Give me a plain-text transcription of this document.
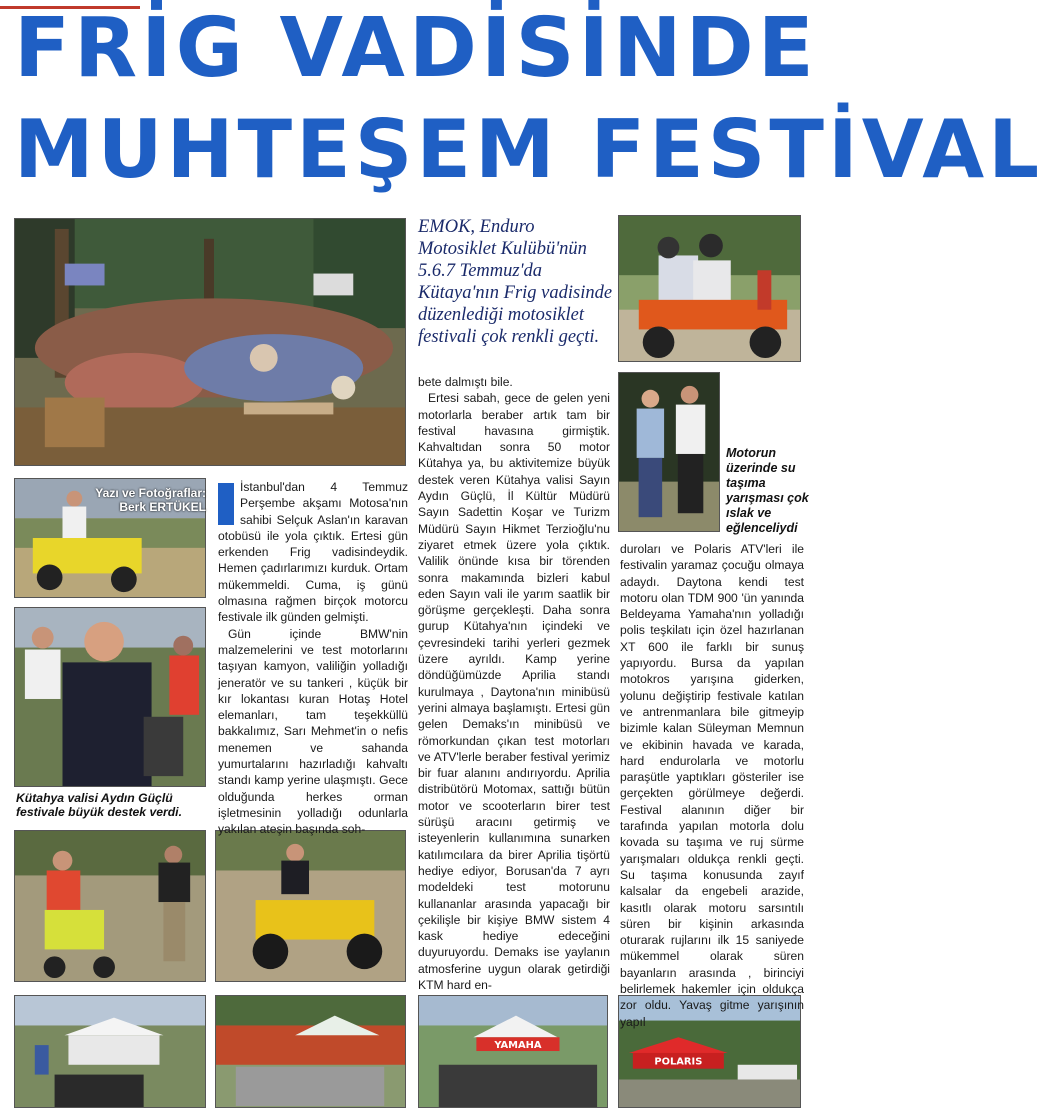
FRİG VADİSİNDE
MUHTEŞEM FESTİVAL
Yazı ve Fotoğraflar:
Berk ERTÜKEL
Kütahya valisi Aydın Güçlü festivale büyük destek verdi.
YAMAHA
POLARIS
EMOK, Enduro Motosiklet Kulübü'nün 5.6.7 Temmuz'da Kütaya'nın Frig vadisinde düzenlediği motosiklet festivali çok renkli geçti.

İstanbul'dan 4 Temmuz Perşembe akşamı Motosa'nın sahibi Selçuk Aslan'ın karavan otobüsü ile yola çıktık. Ertesi gün erkenden Frig vadisindeydik. Hemen çadırlarımızı kurduk. Ortam mükemmeldi. Cuma, iş günü olmasına rağmen birçok motorcu festivale ilk günden gelmişti.

Gün içinde BMW'nin malzemelerini ve test motorlarını taşıyan kamyon, valiliğin yolladığı jeneratör ve su tankeri , küçük bir kır lokantası kuran Hotaş Hotel elemanları, tam teşekküllü bakkalımız, Sarı Mehmet'in o nefis menemen ve sahanda yumurtalarını hazırladığı kahvaltı standı kamp yerine ulaşmıştı. Gece olduğunda herkes orman işletmesinin yolladığı odunlarla yakılan ateşin başında soh-

bete dalmıştı bile.

Ertesi sabah, gece de gelen yeni motorlarla beraber artık tam bir festival havasına girmiştik. Kahvaltıdan sonra 50 motor Kütahya ya, bu aktivitemize büyük destek veren Kütahya valisi Sayın Aydın Güçlü, İl Kültür Müdürü Sayın Sadettin Koşar ve Turizm Müdürü Sayın Hikmet Terzioğlu'nu ziyaret etmek üzere yola çıktık. Valilik önünde kısa bir törenden sonra makamında bizleri kabul eden Sayın vali ile yarım saatlik bir görüşme gerçekleşti. Daha sonra gurup Kütahya'nın içindeki ve çevresindeki tarihi yerleri gezmek üzere ayrıldı. Kamp yerine döndüğümüzde Aprilia standı kurulmaya , Daytona'nın minibüsü yerini almaya başlamıştı. Ertesi gün gelen Demaks'ın minibüsü ve römorkundan çıkan test motorları ve ATV'lerle beraber festival yerimiz bir fuar alanını andırıyordu. Aprilia distribütörü Motomax, sattığı bütün motor ve scooterların birer test sürüşü aracını getirmiş ve isteyenlerin kullanımına sunarken katılımcılara da birer Aprilia tişörtü hediye ediyor, Borusan'da 7 ayrı modeldeki test motorunu kullananlar arasında yapacağı bir çekilişle bir kişiye BMW sistem 4 kask hediye edeceğini duyuruyordu. Demaks ise yaylanın atmosferine uygun olarak getirdiği KTM hard en-

duroları ve Polaris ATV'leri ile festivalin yaramaz çocuğu olmaya adaydı. Daytona kendi test motoru olan TDM 900 'ün yanında Beldeyama Yamaha'nın yolladığı polis teşkilatı için özel hazırlanan XT 600 ile farklı bir sunuş yapıyordu. Bursa da yapılan motokros yarışına giderken, yolunu değiştirip festivale katılan ve antrenmanlara bile gitmeyip bizimle kalan Süleyman Memnun ve ekibinin havada ve karada, hard endurolarla ve motorlu paraşütle yaptıkları gösteriler ise gerçekten görülmeye değerdi. Festival alanının diğer bir tarafında yapılan motorla dolu kovada su taşıma ve ruj sürme yarışmaları oldukça renkli geçti. Su taşıma konusunda zayıf kalsalar da engebeli arazide, kasıtlı olarak motoru sarsıntılı süren bir kişinin arkasında oturarak rujlarını ilk 15 saniyede mükemmel olarak süren bayanların arasında , birinciyi belirlemek hakemler için oldukça zor oldu. Yavaş gitme yarışının yapıl

Motorun üzerinde su taşıma yarışması çok ıslak ve eğlenceliydi
